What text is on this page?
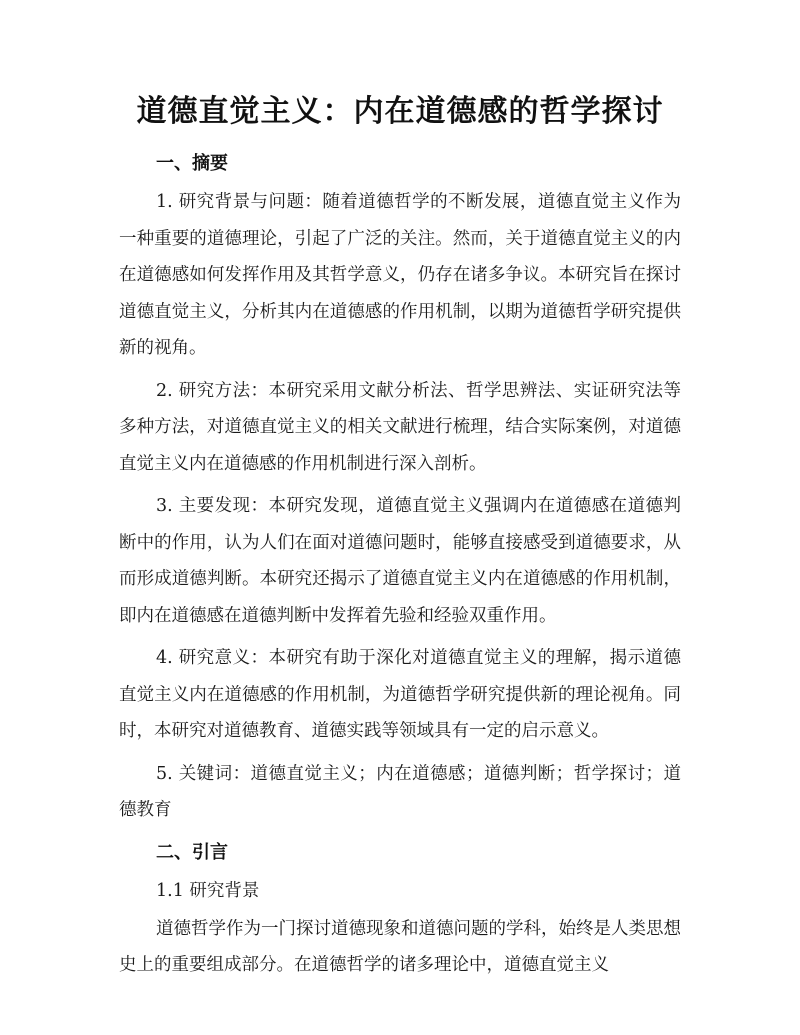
道德直觉主义：内在道德感的哲学探讨
一、摘要

1. 研究背景与问题：随着道德哲学的不断发展，道德直觉主义作为一种重要的道德理论，引起了广泛的关注。然而，关于道德直觉主义的内在道德感如何发挥作用及其哲学意义，仍存在诸多争议。本研究旨在探讨道德直觉主义，分析其内在道德感的作用机制，以期为道德哲学研究提供新的视角。

2. 研究方法：本研究采用文献分析法、哲学思辨法、实证研究法等多种方法，对道德直觉主义的相关文献进行梳理，结合实际案例，对道德直觉主义内在道德感的作用机制进行深入剖析。

3. 主要发现：本研究发现，道德直觉主义强调内在道德感在道德判断中的作用，认为人们在面对道德问题时，能够直接感受到道德要求，从而形成道德判断。本研究还揭示了道德直觉主义内在道德感的作用机制，即内在道德感在道德判断中发挥着先验和经验双重作用。

4. 研究意义：本研究有助于深化对道德直觉主义的理解，揭示道德直觉主义内在道德感的作用机制，为道德哲学研究提供新的理论视角。同时，本研究对道德教育、道德实践等领域具有一定的启示意义。

5. 关键词：道德直觉主义；内在道德感；道德判断；哲学探讨；道德教育

二、引言

1.1 研究背景

道德哲学作为一门探讨道德现象和道德问题的学科，始终是人类思想史上的重要组成部分。在道德哲学的诸多理论中，道德直觉主义
